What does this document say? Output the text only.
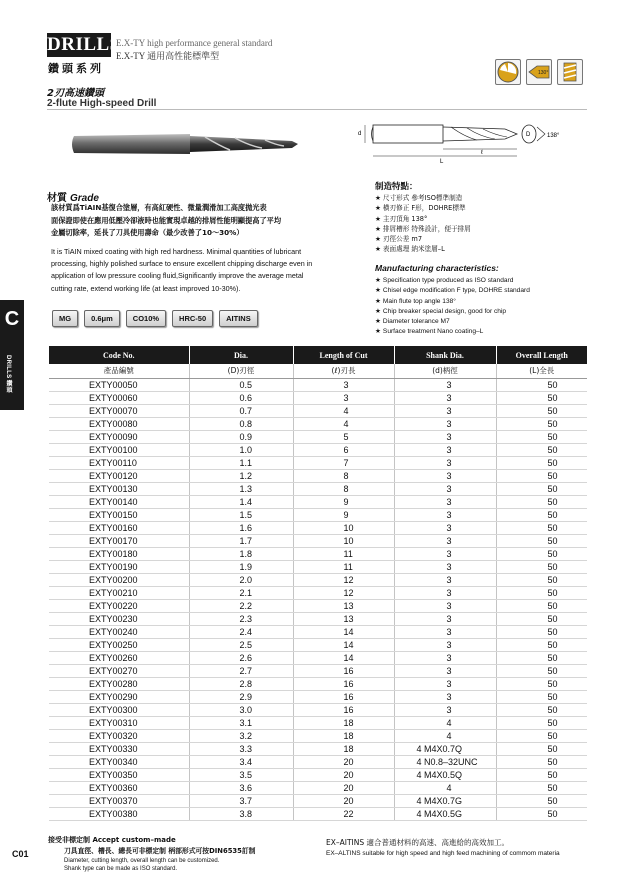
DRILLS
E.X-TY high performance general standard
E.X-TY 通用高性能標準型
鑽頭系列	130°
2刃高速鑽頭
2-flute High-speed Drill
d	D	138°
L
ℓ
材質 Grade
該材質爲TiAIN基復合塗層，有高紅硬性、微量潤滑加工高度拋光表
面保證即使在應用低壓冷卻液時也能實現卓越的排屑性能明顯提高了平均
金屬切除率，延長了刀具使用壽命（最少改善了10～30%）
It is TiAIN mixed coating with high red hardness. Minimal quantities of lubricant
processing, highly polished surface to ensure excellent chipping discharge even in
application of low pressure cooling fluid,Significantly improve the average metal
cutting rate, extend working life (at least improved 10-30%).
制造特點：
★ 尺寸形式 參考ISO標準制造
★ 横刃修正 F形，DOHRE標準
★ 主刃頂角 138°
★ 排屑槽形 特殊設計，便于排屑
★ 刃徑公差 m7
★ 表面處理 納米塗層–L
Manufacturing characteristics:
★ Specification type produced as ISO standard
★ Chisel edge modification F type, DOHRE standard
★ Main flute top angle 138°
★ Chip breaker special design, good for chip
★ Diameter tolerance M7
★ Surface treatment Nano coating–L
C
DRILLS 鑽頭
MG	0.6μm	CO10%	HRC-50	AITINS
Code No.	Dia.	Length of Cut	Shank Dia.	Overall Length
產品編號	(D)刃徑	(ℓ)刃長	(d)柄徑	(L)全長
EXTY00050	0.5	3	3	50
EXTY00060	0.6	3	3	50
EXTY00070	0.7	4	3	50
EXTY00080	0.8	4	3	50
EXTY00090	0.9	5	3	50
EXTY00100	1.0	6	3	50
EXTY00110	1.1	7	3	50
EXTY00120	1.2	8	3	50
EXTY00130	1.3	8	3	50
EXTY00140	1.4	9	3	50
EXTY00150	1.5	9	3	50
EXTY00160	1.6	10	3	50
EXTY00170	1.7	10	3	50
EXTY00180	1.8	11	3	50
EXTY00190	1.9	11	3	50
EXTY00200	2.0	12	3	50
EXTY00210	2.1	12	3	50
EXTY00220	2.2	13	3	50
EXTY00230	2.3	13	3	50
EXTY00240	2.4	14	3	50
EXTY00250	2.5	14	3	50
EXTY00260	2.6	14	3	50
EXTY00270	2.7	16	3	50
EXTY00280	2.8	16	3	50
EXTY00290	2.9	16	3	50
EXTY00300	3.0	16	3	50
EXTY00310	3.1	18	4	50
EXTY00320	3.2	18	4	50
EXTY00330	3.3	18	4 M4X0.7Q	50
EXTY00340	3.4	20	4 N0.8–32UNC	50
EXTY00350	3.5	20	4 M4X0.5Q	50
EXTY00360	3.6	20	4	50
EXTY00370	3.7	20	4 M4X0.7G	50
EXTY00380	3.8	22	4 M4X0.5G	50
接受非標定制 Accept custom–made
刀具直徑、槽長、總長可非標定制 柄部形式可按DIN6535訂制
Diameter, cutting length, overall length can be customized.
Shank type can be made as ISO standard.
EX–AITINS 適合普通材料的高速、高進給的高效加工。
EX–ALTINS suitable for high speed and high feed machining of commom materia
C01
